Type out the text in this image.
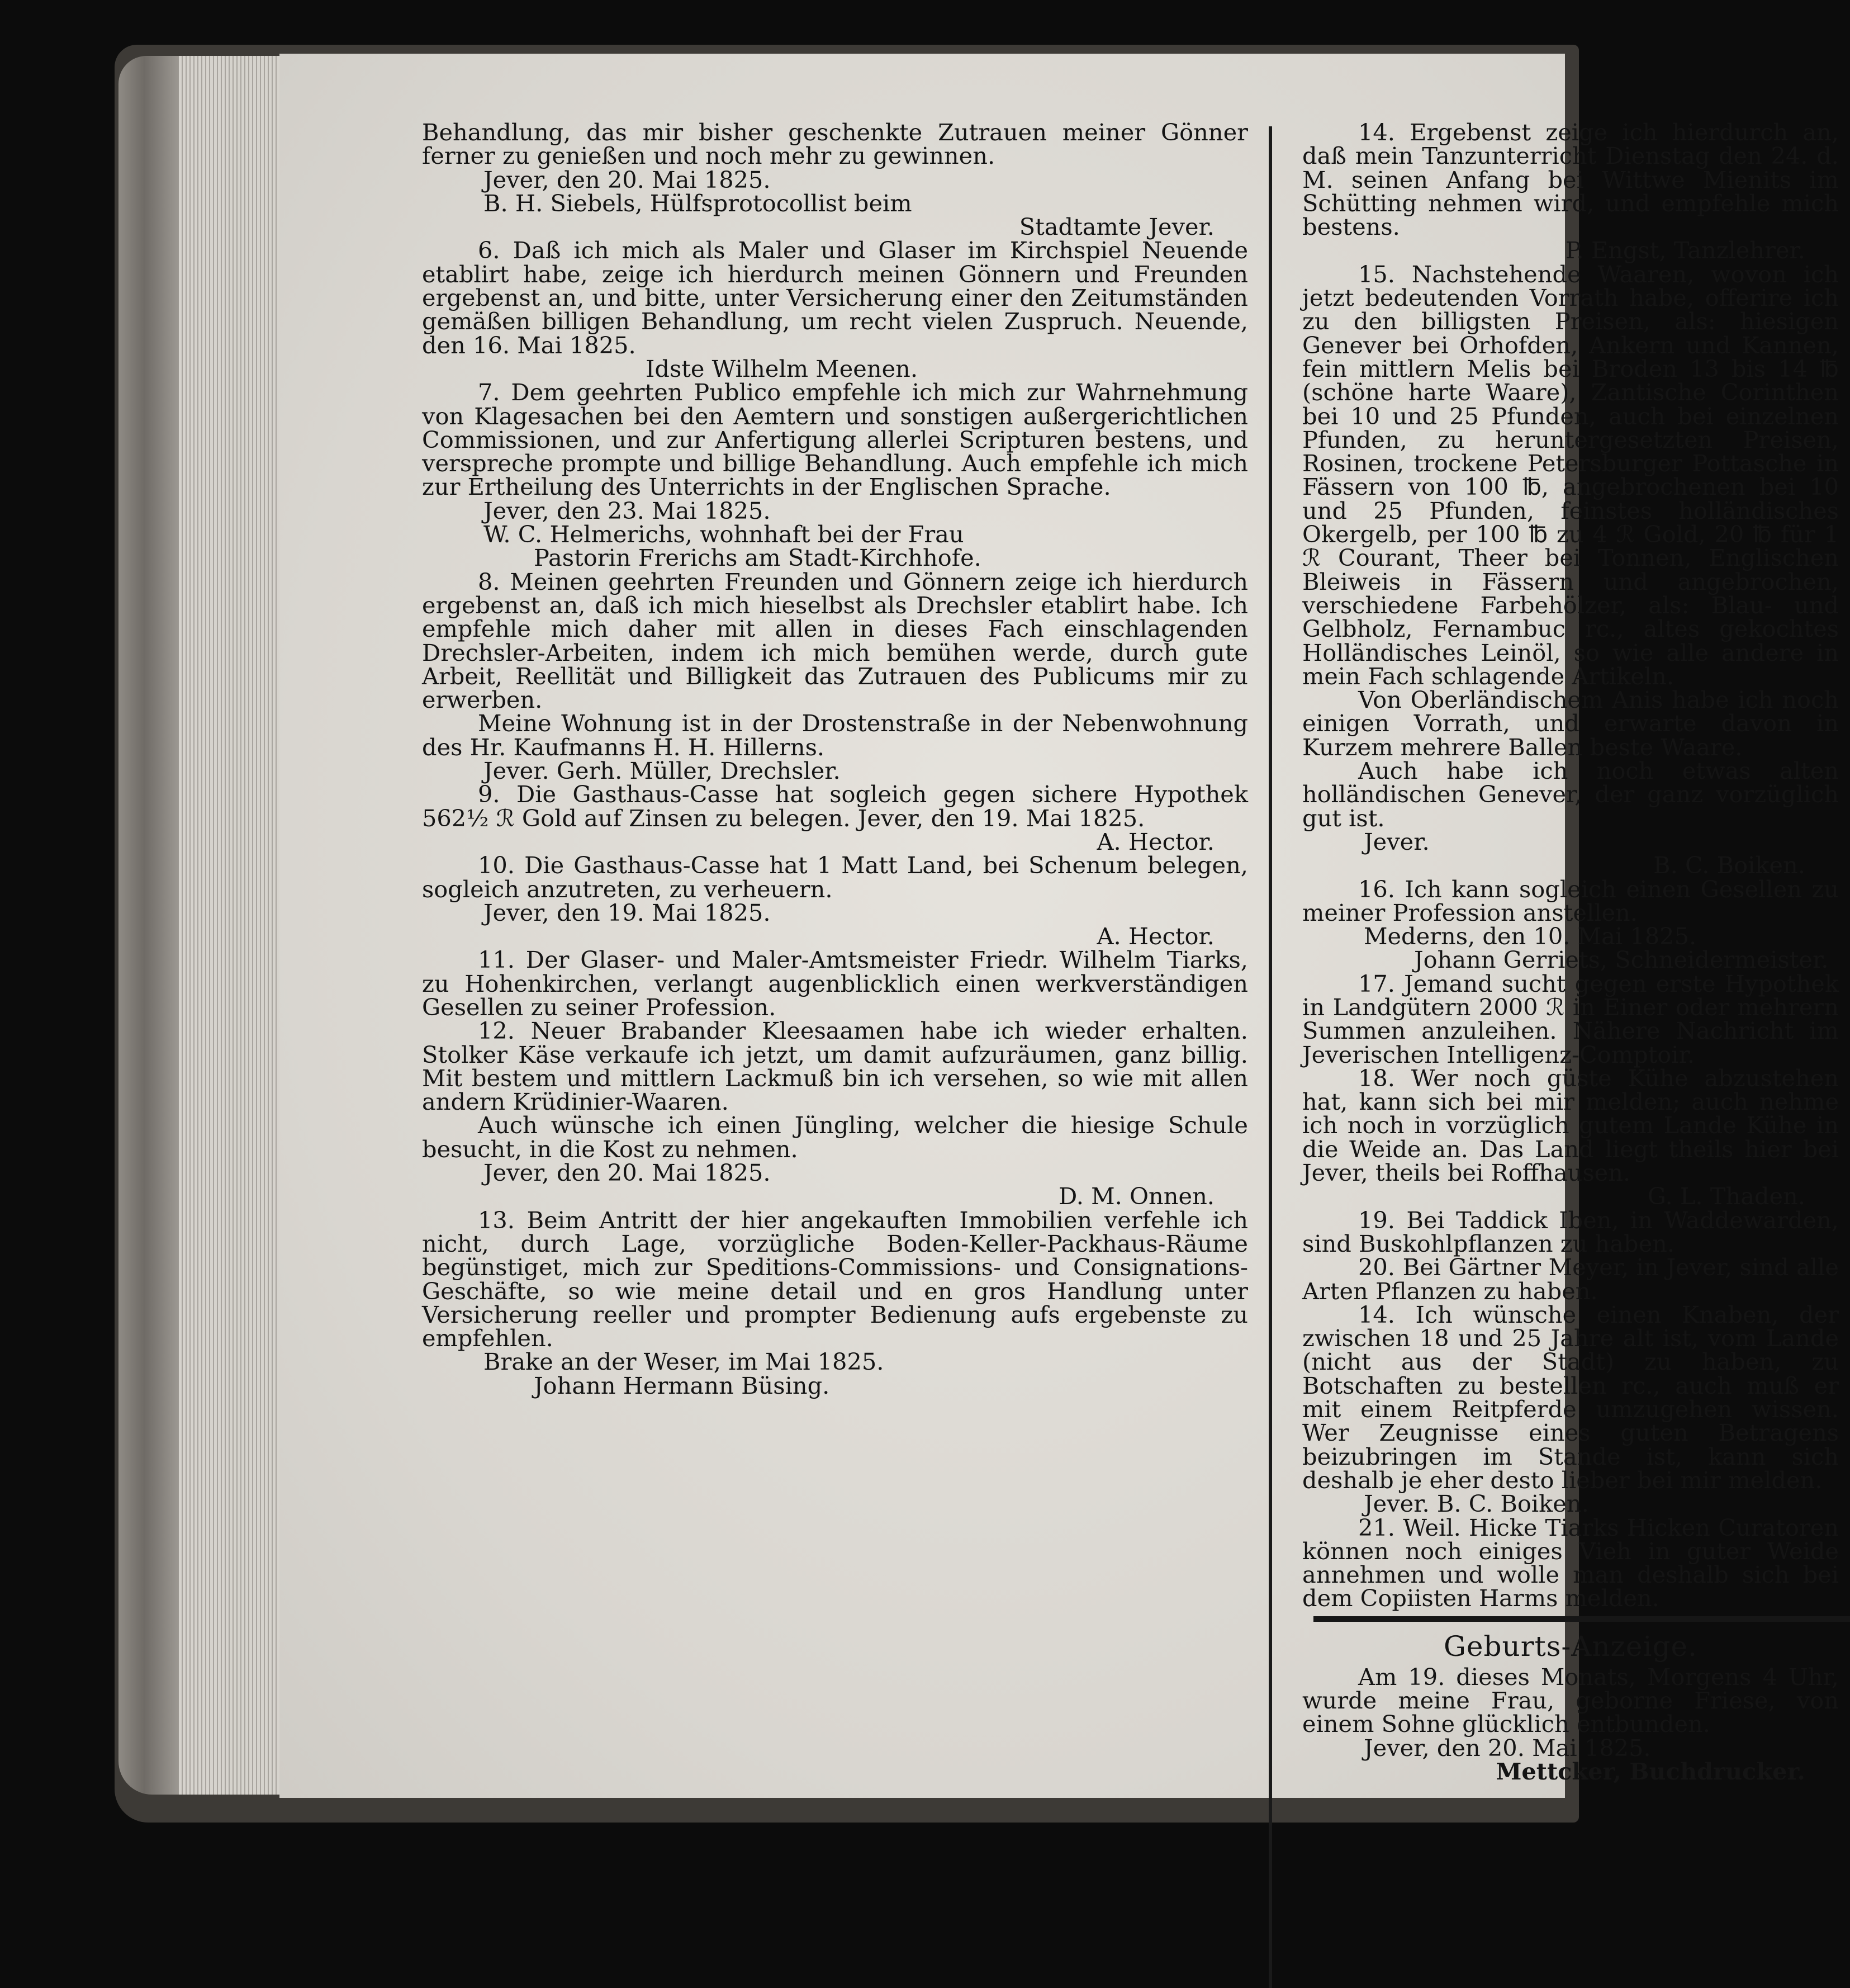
Behandlung, das mir bisher geschenkte Zutrauen meiner Gönner ferner zu genießen und noch mehr zu gewinnen.

Jever, den 20. Mai 1825.

B. H. Siebels, Hülfsprotocollist beim

Stadtamte Jever.

6. Daß ich mich als Maler und Glaser im Kirchspiel Neuende etablirt habe, zeige ich hierdurch meinen Gönnern und Freunden ergebenst an, und bitte, unter Versicherung einer den Zeitumständen gemäßen billigen Behandlung, um recht vielen Zuspruch. Neuende, den 16. Mai 1825.

Idste Wilhelm Meenen.

7. Dem geehrten Publico empfehle ich mich zur Wahrnehmung von Klagesachen bei den Aemtern und sonstigen außergerichtlichen Commissionen, und zur Anfertigung allerlei Scripturen bestens, und verspreche prompte und billige Behandlung. Auch empfehle ich mich zur Ertheilung des Unterrichts in der Englischen Sprache.

Jever, den 23. Mai 1825.

W. C. Helmerichs, wohnhaft bei der Frau

Pastorin Frerichs am Stadt-Kirchhofe.

8. Meinen geehrten Freunden und Gönnern zeige ich hierdurch ergebenst an, daß ich mich hieselbst als Drechsler etablirt habe. Ich empfehle mich daher mit allen in dieses Fach einschlagenden Drechsler-Arbeiten, indem ich mich bemühen werde, durch gute Arbeit, Reellität und Billigkeit das Zutrauen des Publicums mir zu erwerben.

Meine Wohnung ist in der Drostenstraße in der Nebenwohnung des Hr. Kaufmanns H. H. Hillerns.

Jever. Gerh. Müller, Drechsler.

9. Die Gasthaus-Casse hat sogleich gegen sichere Hypothek 562½ ℛ Gold auf Zinsen zu belegen. Jever, den 19. Mai 1825.

A. Hector.

10. Die Gasthaus-Casse hat 1 Matt Land, bei Schenum belegen, sogleich anzutreten, zu verheuern.

Jever, den 19. Mai 1825.

A. Hector.

11. Der Glaser- und Maler-Amtsmeister Friedr. Wilhelm Tiarks, zu Hohenkirchen, verlangt augenblicklich einen werkverständigen Gesellen zu seiner Profession.

12. Neuer Brabander Kleesaamen habe ich wieder erhalten. Stolker Käse verkaufe ich jetzt, um damit aufzuräumen, ganz billig. Mit bestem und mittlern Lackmuß bin ich versehen, so wie mit allen andern Krüdinier-Waaren.

Auch wünsche ich einen Jüngling, welcher die hiesige Schule besucht, in die Kost zu nehmen.

Jever, den 20. Mai 1825.

D. M. Onnen.

13. Beim Antritt der hier angekauften Immobilien verfehle ich nicht, durch Lage, vorzügliche Boden-Keller-Packhaus-Räume begünstiget, mich zur Speditions-Commissions- und Consignations-Geschäfte, so wie meine detail und en gros Handlung unter Versicherung reeller und prompter Bedienung aufs ergebenste zu empfehlen.

Brake an der Weser, im Mai 1825.

Johann Hermann Büsing.

14. Ergebenst zeige ich hierdurch an, daß mein Tanzunterricht Dienstag den 24. d. M. seinen Anfang bei Wittwe Mienits im Schütting nehmen wird, und empfehle mich bestens.

P. Engst, Tanzlehrer.

15. Nachstehende Waaren, wovon ich jetzt bedeutenden Vorrath habe, offerire ich zu den billigsten Preisen, als: hiesigen Genever bei Orhofden, Ankern und Kannen, fein mittlern Melis bei Broden 13 bis 14 ℔ (schöne harte Waare), Zantische Corinthen bei 10 und 25 Pfunden, auch bei einzelnen Pfunden, zu heruntergesetzten Preisen, Rosinen, trockene Petersburger Pottasche in Fässern von 100 ℔, angebrochenen bei 10 und 25 Pfunden, feinstes holländisches Okergelb, per 100 ℔ zu 4 ℛ Gold, 20 ℔ für 1 ℛ Courant, Theer bei Tonnen, Englischen Bleiweis in Fässern und angebrochen, verschiedene Farbehölzer, als: Blau- und Gelbholz, Fernambuc rc., altes gekochtes Holländisches Leinöl, so wie alle andere in mein Fach schlagende Artikeln.

Von Oberländischem Anis habe ich noch einigen Vorrath, und erwarte davon in Kurzem mehrere Ballen beste Waare.

Auch habe ich noch etwas alten holländischen Genever, der ganz vorzüglich gut ist.

Jever.

B. C. Boiken.

16. Ich kann sogleich einen Gesellen zu meiner Profession anstellen.

Mederns, den 10. Mai 1825.

Johann Gerriets, Schneidermeister.

17. Jemand sucht gegen erste Hypothek in Landgütern 2000 ℛ in Einer oder mehrern Summen anzuleihen. Nähere Nachricht im Jeverischen Intelligenz-Comptoir.

18. Wer noch güste Kühe abzustehen hat, kann sich bei mir melden; auch nehme ich noch in vorzüglich gutem Lande Kühe in die Weide an. Das Land liegt theils hier bei Jever, theils bei Roffhausen.

G. L. Thaden.

19. Bei Taddick Iben, in Waddewarden, sind Buskohlpflanzen zu haben.

20. Bei Gärtner Meyer, in Jever, sind alle Arten Pflanzen zu haben.

14. Ich wünsche einen Knaben, der zwischen 18 und 25 Jahre alt ist, vom Lande (nicht aus der Stadt) zu haben, zu Botschaften zu bestellen rc., auch muß er mit einem Reitpferde umzugehen wissen. Wer Zeugnisse eines guten Betragens beizubringen im Stande ist, kann sich deshalb je eher desto lieber bei mir melden.

Jever. B. C. Boiken.

21. Weil. Hicke Tiarks Hicken Curatoren können noch einiges Vieh in guter Weide annehmen und wolle man deshalb sich bei dem Copiisten Harms melden.

Geburts-Anzeige.

Am 19. dieses Monats, Morgens 4 Uhr, wurde meine Frau, geborne Friese, von einem Sohne glücklich entbunden.

Jever, den 20. Mai 1825.

Mettcker, Buchdrucker.
